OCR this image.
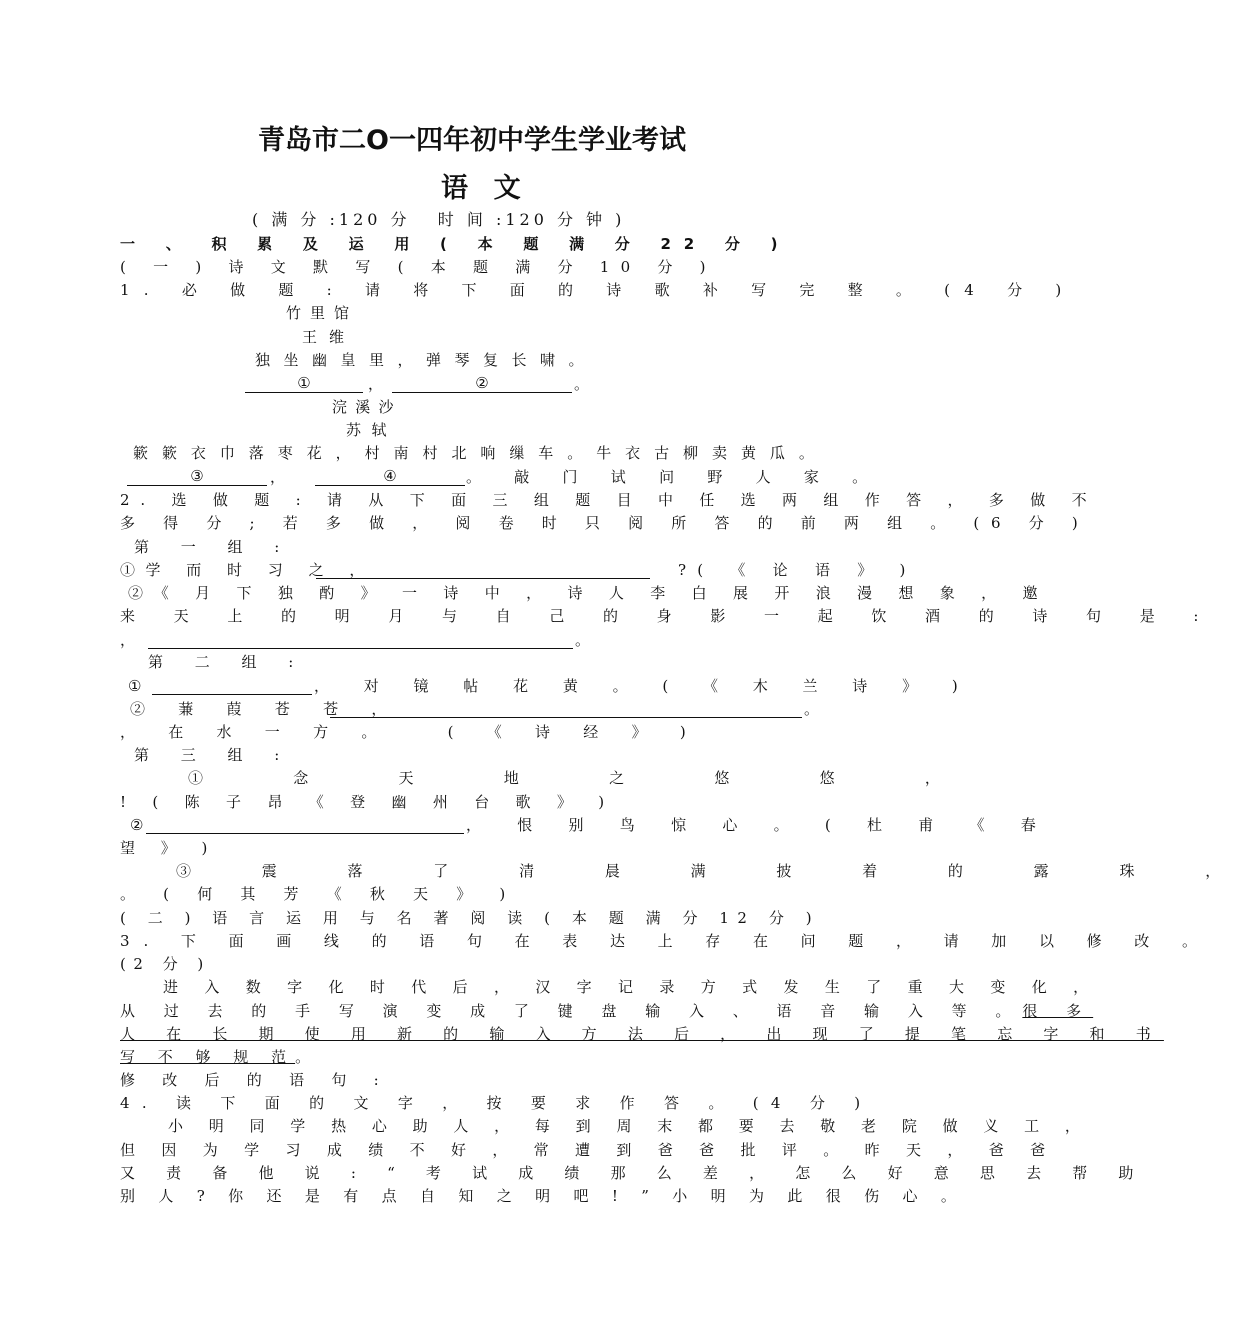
青岛市二O一四年初中学生学业考试
语 文
( 满 分 :120 分   时 间 :120 分 钟 )
一 、 积 累 及 运 用 ( 本 题 满 分 22 分 )
( 一 ) 诗 文 默 写 ( 本 题 满 分 10 分 )
1. 必 做 题 : 请 将 下 面 的 诗 歌 补 写 完 整 。 (4 分 )
竹里馆
王维
独坐幽皇里，弹琴复长啸。
①	，	②	。
浣溪沙
苏轼
簌簌衣巾落枣花，村南村北响缫车。牛衣古柳卖黄瓜。
③	，	④	。 敲 门 试 问 野 人 家 。
2. 选 做 题 : 请 从 下 面 三 组 题 目 中 任 选 两 组 作 答 ， 多 做 不
多 得 分 ; 若 多 做 ， 阅 卷 时 只 阅 所 答 的 前 两 组 。 (6 分 )
第 一 组 :
①学 而 时 习 之 ，	?( 《 论 语 》 )
②《 月 下 独 酌 》 一 诗 中 ， 诗 人 李 白 展 开 浪 漫 想 象 ， 邀
来 天 上 的 明 月 与 自 己 的 身 影 一 起 饮 酒 的 诗 句 是 :
，	。
第 二 组 :
①	， 对 镜 帖 花 黄 。 ( 《 木 兰 诗 》 )
② 蒹 葭 苍 苍 ，	。
， 在 水 一 方 。   ( 《 诗 经 》 )
第 三 组 :
① 念 天 地 之 悠 悠 ，
! ( 陈 子 昂 《 登 幽 州 台 歌 》 )
②	， 恨 别 鸟 惊 心 。 ( 杜 甫 《 春
望 》 )
③ 震 落 了 清 晨 满 披 着 的 露 珠 ，
。 ( 何 其 芳 《 秋 天 》 )
( 二 ) 语 言 运 用 与 名 著 阅 读 ( 本 题 满 分 12 分 )
3. 下 面 画 线 的 语 句 在 表 达 上 存 在 问 题 ， 请 加 以 修 改 。
(2 分 )
进 入 数 字 化 时 代 后 ， 汉 字 记 录 方 式 发 生 了 重 大 变 化 ，
从 过 去 的 手 写 演 变 成 了 键 盘 输 入 、 语 音 输 入 等 。很 多
人 在 长 期 使 用 新 的 输 入 方 法 后 ， 出 现 了 提 笔 忘 字 和 书
写 不 够 规 范。
修 改 后 的 语 句 :
4. 读 下 面 的 文 字 ， 按 要 求 作 答 。 (4 分 )
小 明 同 学 热 心 助 人 ， 每 到 周 末 都 要 去 敬 老 院 做 义 工 ，
但 因 为 学 习 成 绩 不 好 ， 常 遭 到 爸 爸 批 评 。 昨 天 ， 爸 爸
又 责 备 他 说 : “ 考 试 成 绩 那 么 差 ， 怎 么 好 意 思 去 帮 助
别 人 ? 你 还 是 有 点 自 知 之 明 吧 ! ” 小 明 为 此 很 伤 心 。
